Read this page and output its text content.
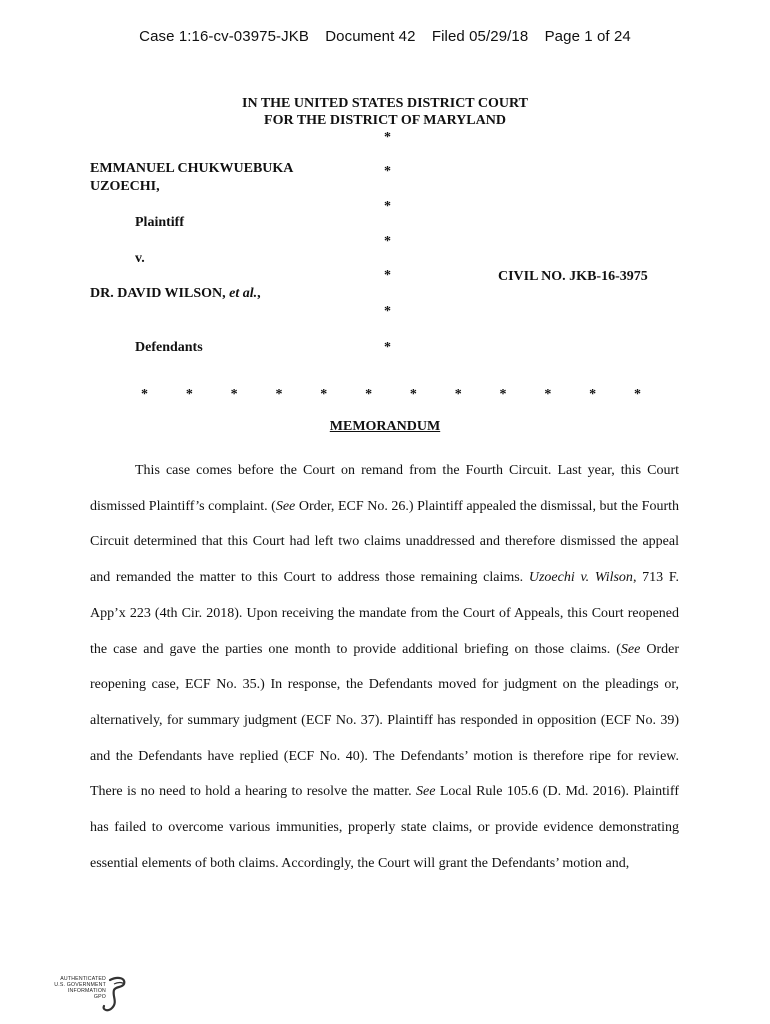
Case 1:16-cv-03975-JKB Document 42 Filed 05/29/18 Page 1 of 24
IN THE UNITED STATES DISTRICT COURT
FOR THE DISTRICT OF MARYLAND
*
*
*
*
*
*
*
EMMANUEL CHUKWUEBUKA
UZOECHI,
Plaintiff
v.
DR. DAVID WILSON, et al.,
Defendants
CIVIL NO. JKB-16-3975
*	*	*	*	*	*	*	*	*	*	*	*
MEMORANDUM

This case comes before the Court on remand from the Fourth Circuit. Last year, this Court dismissed Plaintiff’s complaint. (See Order, ECF No. 26.) Plaintiff appealed the dismissal, but the Fourth Circuit determined that this Court had left two claims unaddressed and therefore dismissed the appeal and remanded the matter to this Court to address those remaining claims. Uzoechi v. Wilson, 713 F. App’x 223 (4th Cir. 2018). Upon receiving the mandate from the Court of Appeals, this Court reopened the case and gave the parties one month to provide additional briefing on those claims. (See Order reopening case, ECF No. 35.) In response, the Defendants moved for judgment on the pleadings or, alternatively, for summary judgment (ECF No. 37). Plaintiff has responded in opposition (ECF No. 39) and the Defendants have replied (ECF No. 40). The Defendants’ motion is therefore ripe for review. There is no need to hold a hearing to resolve the matter. See Local Rule 105.6 (D. Md. 2016). Plaintiff has failed to overcome various immunities, properly state claims, or provide evidence demonstrating essential elements of both claims. Accordingly, the Court will grant the Defendants’ motion and,

AUTHENTICATED
U.S. GOVERNMENT
INFORMATION
GPO
